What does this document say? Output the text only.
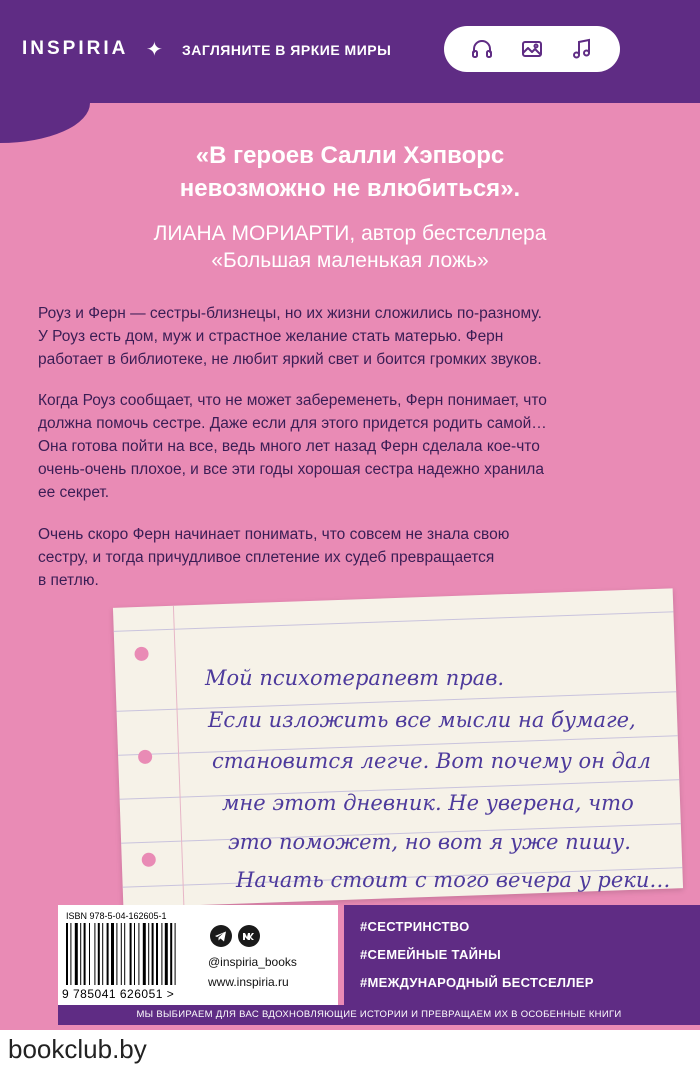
INSPIRIA ✦ ЗАГЛЯНИТЕ В ЯРКИЕ МИРЫ
«В героев Салли Хэпворс
невозможно не влюбиться».
ЛИАНА МОРИАРТИ, автор бестселлера
«Большая маленькая ложь»
Роуз и Ферн — сестры-близнецы, но их жизни сложились по-разному.
У Роуз есть дом, муж и страстное желание стать матерью. Ферн
работает в библиотеке, не любит яркий свет и боится громких звуков.
Когда Роуз сообщает, что не может забеременеть, Ферн понимает, что
должна помочь сестре. Даже если для этого придется родить самой…
Она готова пойти на все, ведь много лет назад Ферн сделала кое-что
очень-очень плохое, и все эти годы хорошая сестра надежно хранила
ее секрет.
Очень скоро Ферн начинает понимать, что совсем не знала свою
сестру, и тогда причудливое сплетение их судеб превращается
в петлю.
Мой психотерапевт прав.
Если изложить все мысли на бумаге,
становится легче. Вот почему он дал
мне этот дневник. Не уверена, что
это поможет, но вот я уже пишу.
Начать стоит с того вечера у реки…
ISBN 978-5-04-162605-1
9 785041 626051 >
@inspiria_books
www.inspiria.ru
#СЕСТРИНСТВО
#СЕМЕЙНЫЕ ТАЙНЫ
#МЕЖДУНАРОДНЫЙ БЕСТСЕЛЛЕР
МЫ ВЫБИРАЕМ ДЛЯ ВАС ВДОХНОВЛЯЮЩИЕ ИСТОРИИ И ПРЕВРАЩАЕМ ИХ В ОСОБЕННЫЕ КНИГИ
bookclub.by
